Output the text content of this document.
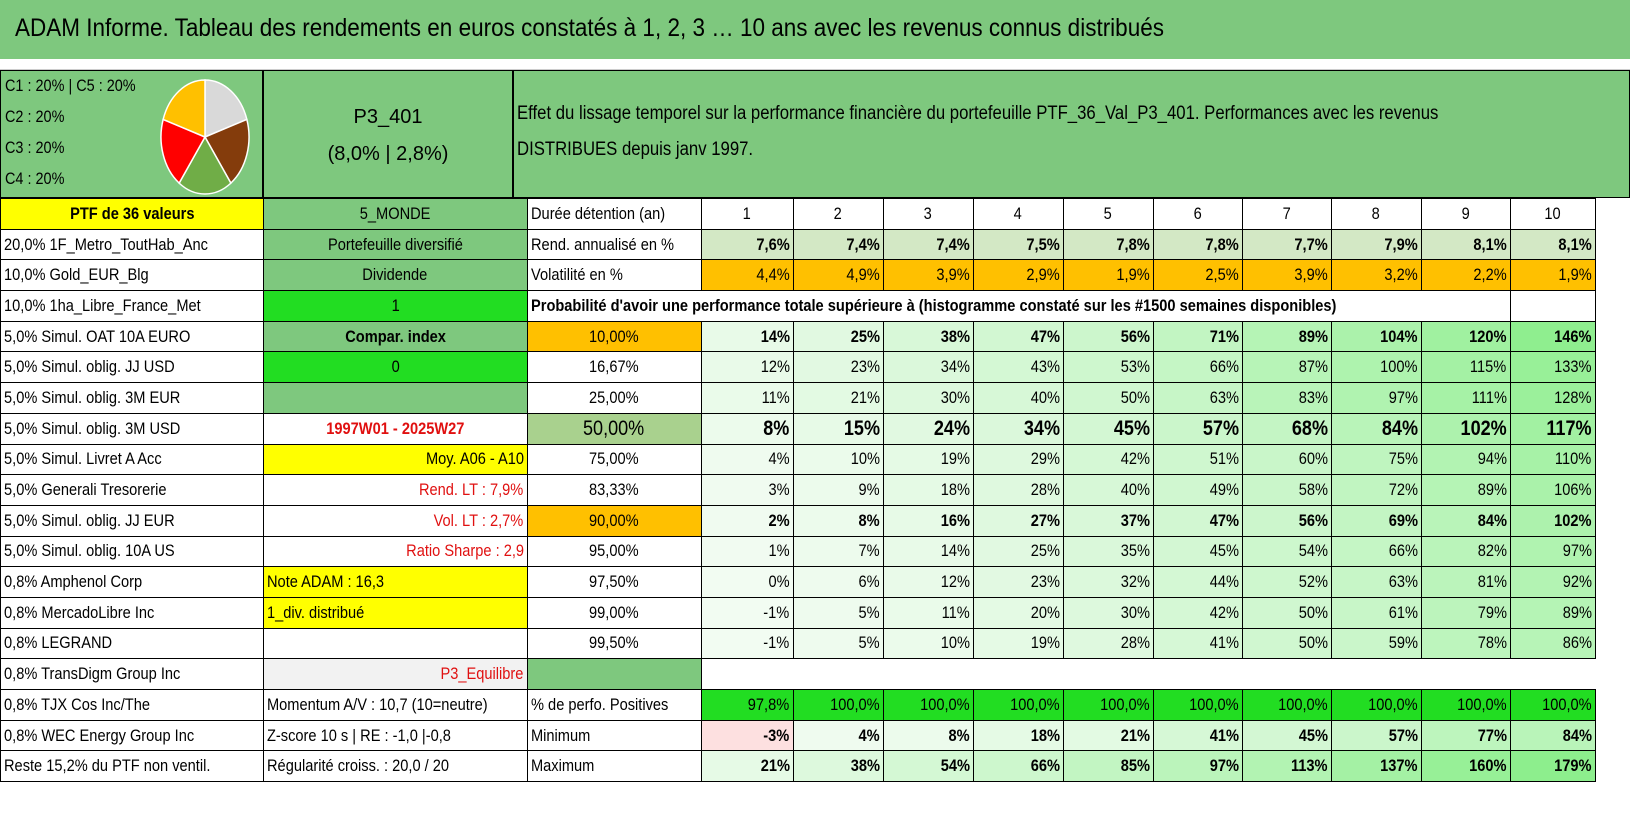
ADAM Informe. Tableau des rendements en euros constatés à 1, 2, 3 … 10 ans avec les revenus connus distribués
C1 : 20% | C5 : 20%
C2 : 20%
C3 : 20%
C4 : 20%
P3_401
(8,0% | 2,8%)
Effet du lissage temporel sur la performance financière du portefeuille PTF_36_Val_P3_401. Performances avec les revenus
DISTRIBUES depuis janv 1997.
PTF de 36 valeurs	5_MONDE	Durée détention (an)	1	2	3	4	5	6	7	8	9	10
20,0% 1F_Metro_ToutHab_Anc	Portefeuille diversifié	Rend. annualisé en %	7,6%	7,4%	7,4%	7,5%	7,8%	7,8%	7,7%	7,9%	8,1%	8,1%
10,0% Gold_EUR_Blg	Dividende	Volatilité en %	4,4%	4,9%	3,9%	2,9%	1,9%	2,5%	3,9%	3,2%	2,2%	1,9%
10,0% 1ha_Libre_France_Met	1	Probabilité d'avoir une performance totale supérieure à (histogramme constaté sur les #1500 semaines disponibles)										
5,0% Simul. OAT 10A EURO	Compar. index	10,00%	14%	25%	38%	47%	56%	71%	89%	104%	120%	146%
5,0% Simul. oblig. JJ USD	0	16,67%	12%	23%	34%	43%	53%	66%	87%	100%	115%	133%
5,0% Simul. oblig. 3M EUR		25,00%	11%	21%	30%	40%	50%	63%	83%	97%	111%	128%
5,0% Simul. oblig. 3M USD	1997W01 - 2025W27	50,00%	8%	15%	24%	34%	45%	57%	68%	84%	102%	117%
5,0% Simul. Livret A Acc	Moy. A06 - A10	75,00%	4%	10%	19%	29%	42%	51%	60%	75%	94%	110%
5,0% Generali Tresorerie	Rend. LT : 7,9%	83,33%	3%	9%	18%	28%	40%	49%	58%	72%	89%	106%
5,0% Simul. oblig. JJ EUR	Vol. LT : 2,7%	90,00%	2%	8%	16%	27%	37%	47%	56%	69%	84%	102%
5,0% Simul. oblig. 10A US	Ratio Sharpe : 2,9	95,00%	1%	7%	14%	25%	35%	45%	54%	66%	82%	97%
0,8% Amphenol Corp	Note ADAM : 16,3	97,50%	0%	6%	12%	23%	32%	44%	52%	63%	81%	92%
0,8% MercadoLibre Inc	1_div. distribué	99,00%	-1%	5%	11%	20%	30%	42%	50%	61%	79%	89%
0,8% LEGRAND		99,50%	-1%	5%	10%	19%	28%	41%	50%	59%	78%	86%
0,8% TransDigm Group Inc	P3_Equilibre											
0,8% TJX Cos Inc/The	Momentum A/V : 10,7 (10=neutre)	% de perfo. Positives	97,8%	100,0%	100,0%	100,0%	100,0%	100,0%	100,0%	100,0%	100,0%	100,0%
0,8% WEC Energy Group Inc	Z-score 10 s | RE : -1,0 |-0,8	Minimum	-3%	4%	8%	18%	21%	41%	45%	57%	77%	84%
Reste 15,2% du PTF non ventil.	Régularité croiss. : 20,0 / 20	Maximum	21%	38%	54%	66%	85%	97%	113%	137%	160%	179%
